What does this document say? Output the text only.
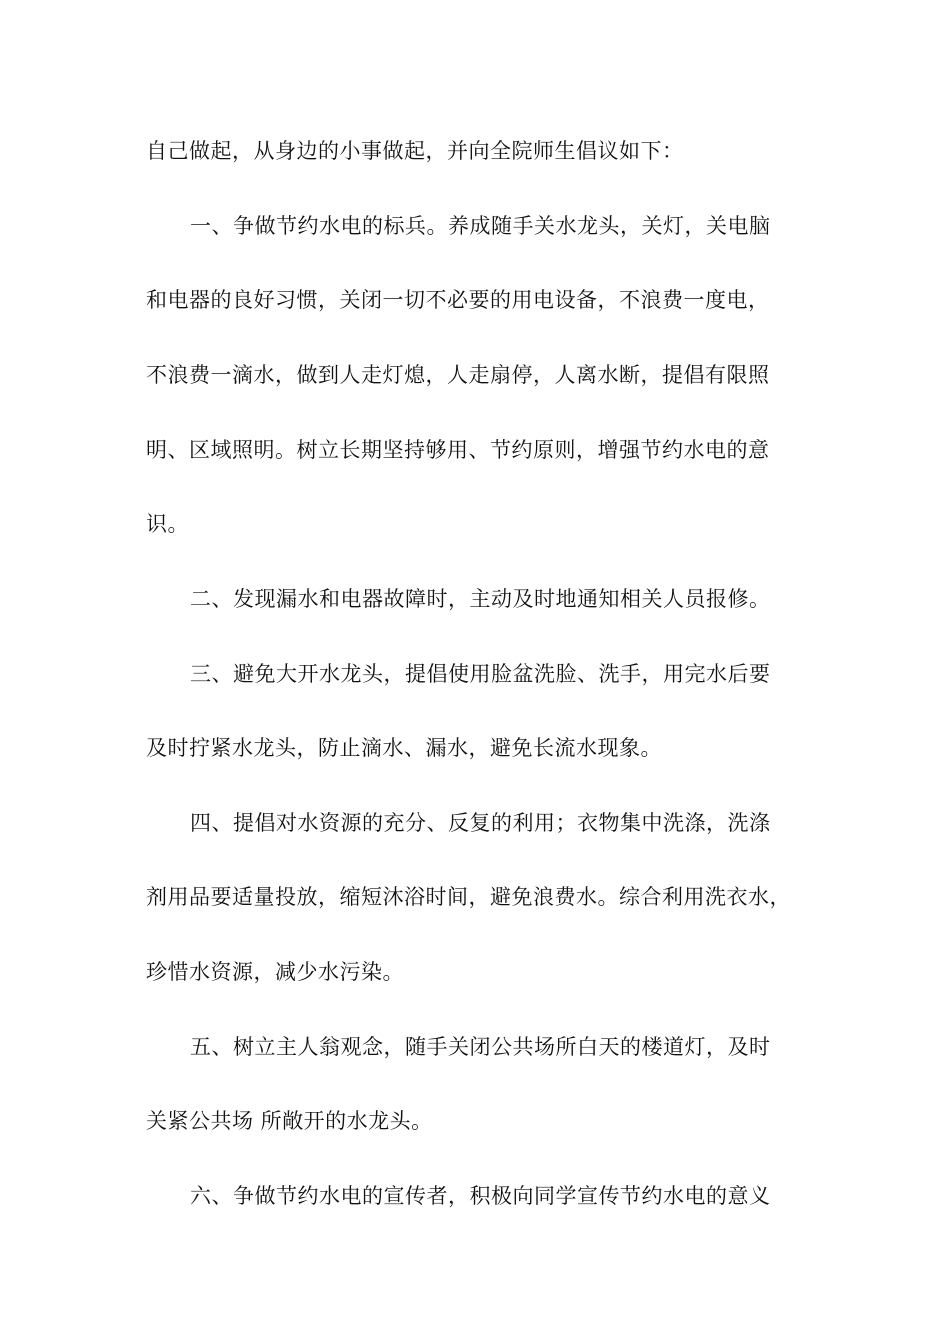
自己做起，从身边的小事做起，并向全院师生倡议如下：
一、争做节约水电的标兵。养成随手关水龙头，关灯，关电脑
和电器的良好习惯，关闭一切不必要的用电设备，不浪费一度电，
不浪费一滴水，做到人走灯熄，人走扇停，人离水断，提倡有限照
明、区域照明。树立长期坚持够用、节约原则，增强节约水电的意
识。
二、发现漏水和电器故障时，主动及时地通知相关人员报修。
三、避免大开水龙头，提倡使用脸盆洗脸、洗手，用完水后要
及时拧紧水龙头，防止滴水、漏水，避免长流水现象。
四、提倡对水资源的充分、反复的利用；衣物集中洗涤，洗涤
剂用品要适量投放，缩短沐浴时间，避免浪费水。综合利用洗衣水，
珍惜水资源，减少水污染。
五、树立主人翁观念，随手关闭公共场所白天的楼道灯，及时
关紧公共场 所敞开的水龙头。
六、争做节约水电的宣传者，积极向同学宣传节约水电的意义
